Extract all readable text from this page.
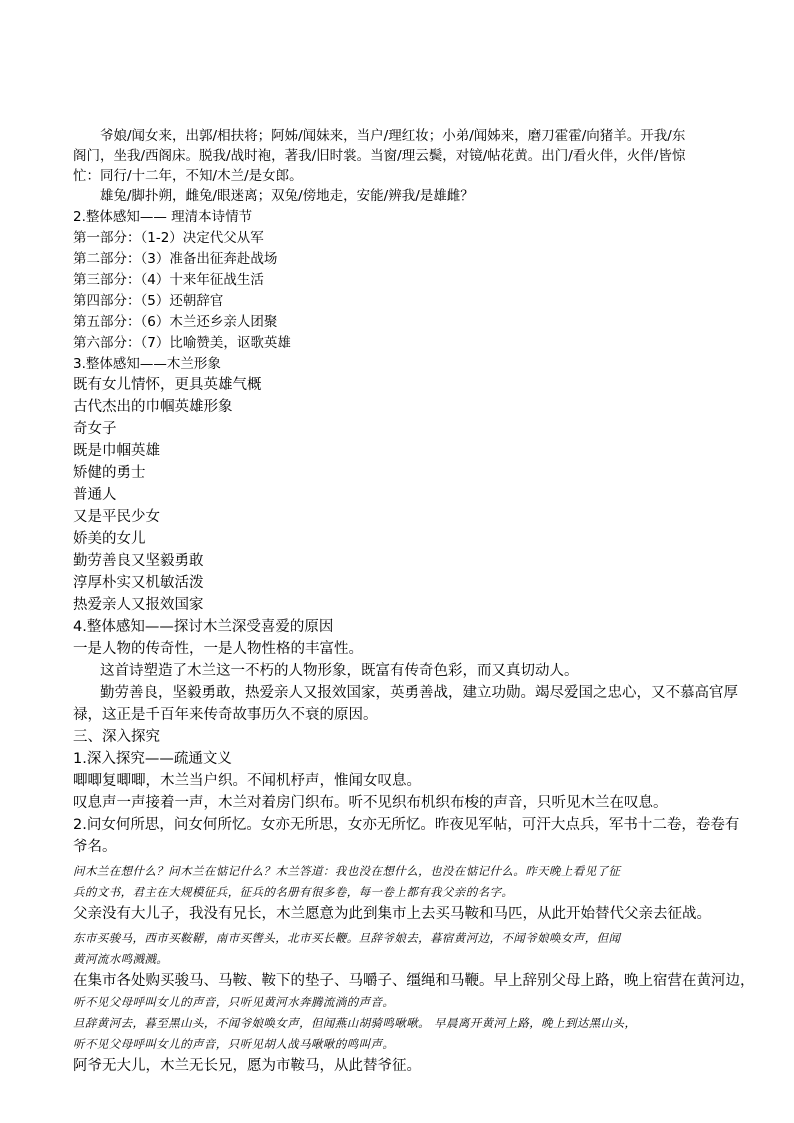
爷娘/闻女来，出郭/相扶将；阿姊/闻妹来，当户/理红妆；小弟/闻姊来，磨刀霍霍/向猪羊。开我/东
阁门，坐我/西阁床。脱我/战时袍，著我/旧时裳。当窗/理云鬓，对镜/帖花黄。出门/看火伴，火伴/皆惊
忙：同行/十二年，不知/木兰/是女郎。
雄兔/脚扑朔，雌兔/眼迷离；双兔/傍地走，安能/辨我/是雄雌？
2.整体感知—— 理清本诗情节
第一部分：（1-2）决定代父从军
第二部分：（3）准备出征奔赴战场
第三部分：（4）十来年征战生活
第四部分：（5）还朝辞官
第五部分：（6）木兰还乡亲人团聚
第六部分：（7）比喻赞美，讴歌英雄
3.整体感知——木兰形象
既有女儿情怀，更具英雄气概
古代杰出的巾帼英雄形象
奇女子
既是巾帼英雄
矫健的勇士
普通人
又是平民少女
娇美的女儿
勤劳善良又坚毅勇敢
淳厚朴实又机敏活泼
热爱亲人又报效国家
4.整体感知——探讨木兰深受喜爱的原因
一是人物的传奇性，一是人物性格的丰富性。
这首诗塑造了木兰这一不朽的人物形象，既富有传奇色彩，而又真切动人。
勤劳善良，坚毅勇敢，热爱亲人又报效国家，英勇善战，建立功勋。竭尽爱国之忠心，又不慕高官厚
禄，这正是千百年来传奇故事历久不衰的原因。
三、深入探究
1.深入探究——疏通文义
唧唧复唧唧，木兰当户织。不闻机杼声，惟闻女叹息。
叹息声一声接着一声，木兰对着房门织布。听不见织布机织布梭的声音，只听见木兰在叹息。
2.问女何所思，问女何所忆。女亦无所思，女亦无所忆。昨夜见军帖，可汗大点兵，军书十二卷，卷卷有
爷名。
问木兰在想什么？问木兰在惦记什么？木兰答道：我也没在想什么，也没在惦记什么。昨天晚上看见了征
兵的文书，君主在大规模征兵，征兵的名册有很多卷，每一卷上都有我父亲的名字。
父亲没有大儿子，我没有兄长，木兰愿意为此到集市上去买马鞍和马匹，从此开始替代父亲去征战。
东市买骏马，西市买鞍鞯，南市买辔头，北市买长鞭。旦辞爷娘去，暮宿黄河边，不闻爷娘唤女声，但闻
黄河流水鸣溅溅。
在集市各处购买骏马、马鞍、鞍下的垫子、马嚼子、缰绳和马鞭。早上辞别父母上路，晚上宿营在黄河边，
听不见父母呼叫女儿的声音，只听见黄河水奔腾流淌的声音。
旦辞黄河去，暮至黑山头，不闻爷娘唤女声，但闻燕山胡骑鸣啾啾。 早晨离开黄河上路，晚上到达黑山头，
听不见父母呼叫女儿的声音，只听见胡人战马啾啾的鸣叫声。
阿爷无大儿，木兰无长兄，愿为市鞍马，从此替爷征。
